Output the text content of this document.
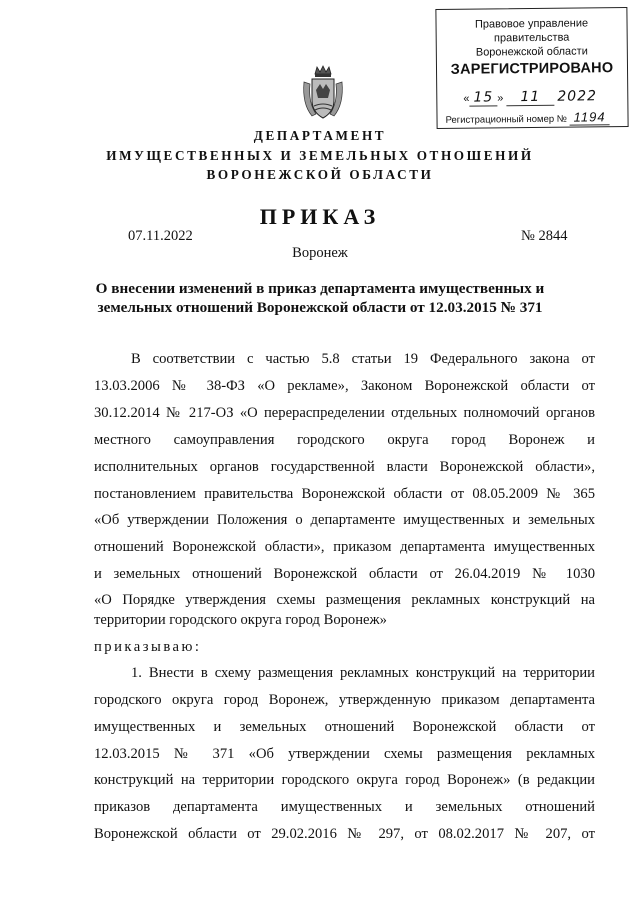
Правовое управление правительства
Воронежской области
ЗАРЕГИСТРИРОВАНО
« 15 » 11 2022
Регистрационный номер № 1194
ДЕПАРТАМЕНТ
ИМУЩЕСТВЕННЫХ И ЗЕМЕЛЬНЫХ ОТНОШЕНИЙ
ВОРОНЕЖСКОЙ ОБЛАСТИ
ПРИКАЗ
07.11.2022	№ 2844
Воронеж
О внесении изменений в приказ департамента имущественных и
земельных отношений Воронежской области от 12.03.2015 № 371
В соответствии с частью 5.8 статьи 19 Федерального закона от
13.03.2006 № 38-ФЗ «О рекламе», Законом Воронежской области от
30.12.2014 № 217-ОЗ «О перераспределении отдельных полномочий органов
местного самоуправления городского округа город Воронеж и
исполнительных органов государственной власти Воронежской области»,
постановлением правительства Воронежской области от 08.05.2009 № 365
«Об утверждении Положения о департаменте имущественных и земельных
отношений Воронежской области», приказом департамента имущественных
и земельных отношений Воронежской области от 26.04.2019 № 1030
«О Порядке утверждения схемы размещения рекламных конструкций на
территории городского округа город Воронеж»
приказываю:
1. Внести в схему размещения рекламных конструкций на территории
городского округа город Воронеж, утвержденную приказом департамента
имущественных и земельных отношений Воронежской области от
12.03.2015 № 371 «Об утверждении схемы размещения рекламных
конструкций на территории городского округа город Воронеж» (в редакции
приказов департамента имущественных и земельных отношений
Воронежской области от 29.02.2016 № 297, от 08.02.2017 № 207, от
